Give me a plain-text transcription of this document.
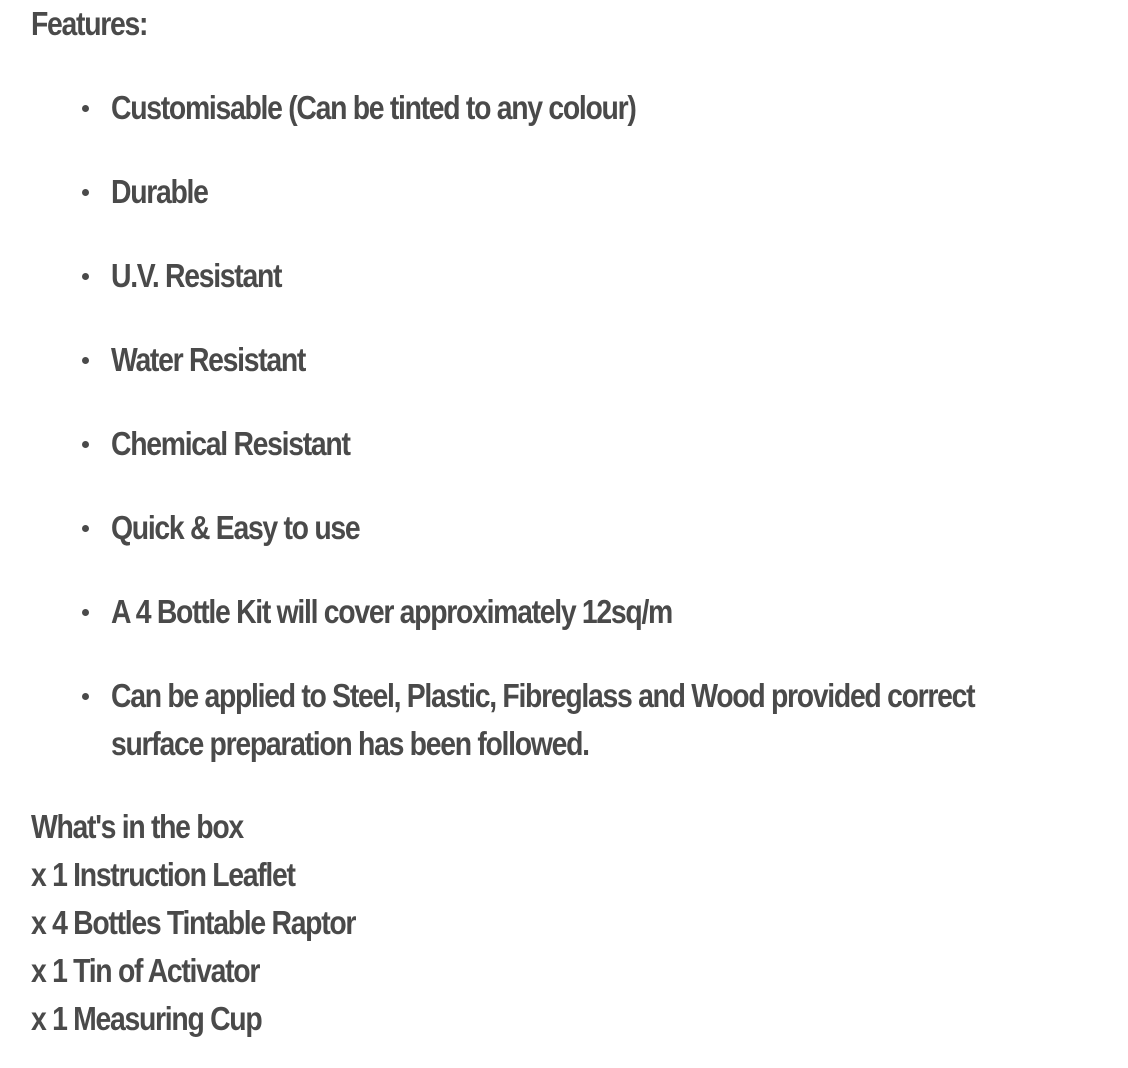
Features:
Customisable (Can be tinted to any colour)
Durable
U.V. Resistant
Water Resistant
Chemical Resistant
Quick & Easy to use
A 4 Bottle Kit will cover approximately 12sq/m
Can be applied to Steel, Plastic, Fibreglass and Wood provided correct surface preparation has been followed.
What's in the box
x 1 Instruction Leaflet
x 4 Bottles Tintable Raptor
x 1 Tin of Activator
x 1 Measuring Cup
